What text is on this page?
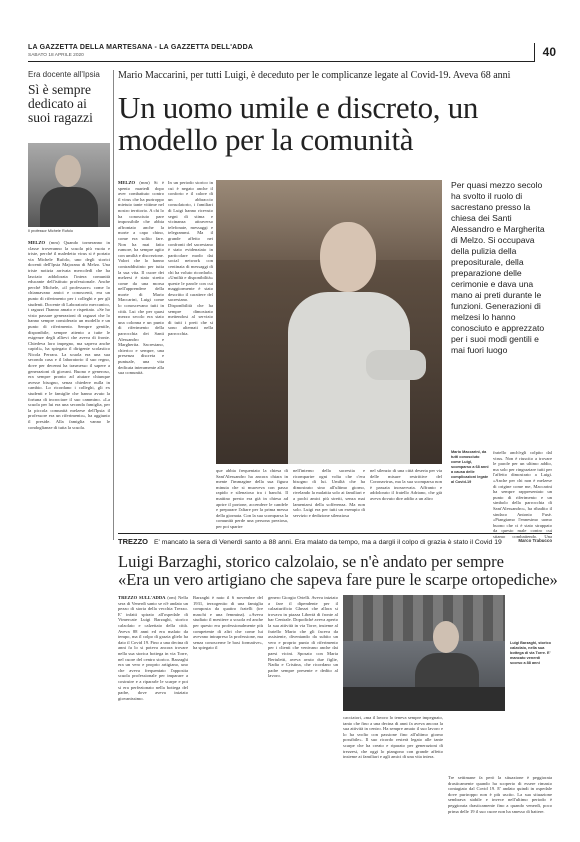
LA GAZZETTA DELLA MARTESANA - LA GAZZETTA DELL'ADDA
SABATO 18 APRILE 2020	40
Era docente all'Ipsia
Sì è sempre dedicato ai suoi ragazzi
Il professor Michele Rufolo
MELZO (mm) Quando torneranno in classe troveranno la scuola più vuota e triste, perché il maledetto virus si è portato via Michele Rufolo, uno degli storici docenti dell'Ipsia Majorana di Melzo. Una triste notizia arrivata mercoledì che ha lasciato addolorata l'intera comunità educante dell'istituto professionale. Anche perché Michele, «il professore» come lo chiamavano amici e conoscenti, era un punto di riferimento per i colleghi e per gli studenti. Docente di Laboratorio meccanico, i ragazzi l'hanno amato e rispettato. «Se ho visto passare generazioni di ragazzi che lo hanno sempre considerato un modello e un punto di riferimento. Sempre gentile, disponibile, sempre attento a tutte le esigenze degli allievi che aveva di fronte. Chiedeva loro impegno, ma sapeva anche capirli», ha spiegato il dirigente scolastico Nicola Ferrara. La scuola era una sua seconda casa e il laboratorio il suo regno, dove per decenni ha trasmesso il sapere a generazioni di giovani. Buono e generoso, era sempre pronto ad aiutare chiunque avesse bisogno, senza chiedere nulla in cambio. Lo ricordano i colleghi, gli ex studenti e le famiglie che hanno avuto la fortuna di incrociare il suo cammino. «La scuola per lui era una seconda famiglia, per la piccola comunità melzese dell'Ipsia il professore era un riferimento», ha aggiunto il preside. Alla famiglia vanno le condoglianze di tutta la scuola.
Mario Maccarini, per tutti Luigi, è deceduto per le complicanze legate al Covid-19. Aveva 68 anni
Un uomo umile e discreto, un modello per la comunità
Per quasi mezzo secolo ha svolto il ruolo di sacrestano presso la chiesa dei Santi Alessandro e Margherita di Melzo. Si occupava della pulizia della prepositurale, della preparazione delle cerimonie e dava una mano ai preti durante le funzioni. Generazioni di melzesi lo hanno conosciuto e apprezzato per i suoi modi gentili e mai fuori luogo
Mario Maccarini, da tutti conosciuto come Luigi, scomparso a 68 anni a causa delle complicazioni legate al Covid-19
fratello anch'egli colpito dal virus. Non è riuscito a trovare le parole per un ultimo addio, ma solo per ringraziare tutti per l'affetto dimostrato a Luigi. «Anche per chi non è melzese di origine come me, Maccarini ha sempre rappresentato un punto di riferimento e un simbolo della parrocchia di Sant'Alessandro», ha ribadito il sindaco Antonio Fusè. «Piangiamo l'ennesimo uomo buono che ci è stato strappato da questo male contro cui stiamo combattendo. Una
Marco Trabucco
MELZO (mm) Si è spento martedì dopo aver combattuto contro il virus che ha purtroppo mietuto tante vittime nel nostro territorio. A chi lo ha conosciuto pare impossibile che abbia affrontato anche la morte a capo chino, come era solito fare. Non ha mai fatto rumore, ha sempre agito con umiltà e discrezione. Valori che lo hanno contraddistinto per tutta la sua vita. Il cuore dei melzesi è stato stretto come da una morsa nell'apprendere della morte di Mario Maccarini, Luigi come lo conoscevano tutti in città. Lui che per quasi mezzo secolo era stato una colonna e un punto di riferimento della parrocchia dei Santi Alessandro e Margherita. Sacrestano, chierico e sempre, una presenza discreta e puntuale, una vita dedicata interamente alla sua comunità.
In un periodo storico in cui è negato anche il conforto e il calore di un abbraccio consolatorio, i familiari di Luigi hanno ricevuto segni di stima e vicinanza attraverso telefonate, messaggi e telegrammi. Ma il grande affetto nei confronti del sacrestano è stato evidenziato in particolare modo dai social network con centinaia di messaggi di chi ha voluto ricordarlo. «Umiltà e disponibilità» queste le parole con cui maggiormente è stato descritto il carattere del sacrestano. Disponibilità che ha sempre dimostrato mettendosi al servizio di tutti i preti che si sono alternati nella parrocchia.
que abbia frequentato la chiesa di Sant'Alessandro ha ancora chiara in mente l'immagine della sua figura minuta che si muoveva con passo rapido e silenzioso tra i banchi. Il mattino presto era già in chiesa ad aprire il portone, accendere le candele e preparare l'altare per la prima messa della giornata. Con la sua scomparsa la comunità perde una persona preziosa, per poi sparire
nell'interno della sacrestia e ricomparire ogni volta che c'era bisogno di lui. Umiltà che ha dimostrato sino all'ultimo giorno, rivelando la malattia solo ai familiari e a pochi amici più stretti, senza mai lamentarsi della sofferenza. Ma non solo. Luigi era per tutti un esempio di servizio e dedizione silenziosa
nel silenzio di una città deserta per via delle misure restrittive del Coronavirus, ma la sua scomparsa non è passata inosservata. Affranto e addolorato il fratello Adriano, che già aveva dovuto dire addio a un altro
TREZZO E' mancato la sera di Venerdì santo a 88 anni. Era malato da tempo, ma a dargli il colpo di grazia è stato il Covid 19
Luigi Barzaghi, storico calzolaio, se n'è andato per sempre
«Era un vero artigiano che sapeva fare pure le scarpe ortopediche»
TREZZO SULL'ADDA (om) Nella sera di Venerdì santo se n'è andato un pezzo di storia della vecchia Trezzo. E' infatti spirato all'ospedale di Vimercate Luigi Barzaghi, storico calzolaio e calzettaio della città. Aveva 88 anni ed era malato da tempo, ma il colpo di grazia glielo ha dato il Covid 19. Fino a una decina di anni fa lo si poteva ancora trovare nella sua storica bottega in via Torre, nel cuore del centro storico. Barzaghi era un vero e proprio artigiano, uno che aveva frequentato l'apposita scuola professionale per imparare a costruire e a ripararle le scarpe e poi si era perfezionato nella bottega del padre, dove aveva iniziato giovanissimo.
Barzaghi è nato il 6 novembre del 1931, terzogenito di una famiglia composta da quattro fratelli (tre maschi e una femmina). «Aveva studiato il mestiere a scuola ed anche per questo era professionalmente più competente di altri che come lui avevano intrapreso la professione, ma senza conoscerne le basi formative», ha spiegato il
genero Giorgio Ortelli. Aveva iniziato a fare il dipendente per il calzaturificio Ghezzi che allora si trovava in piazza Libertà di fronte al bar Centrale. Dopodiché aveva aperto la sua attività in via Torre, insieme al fratello Mario che gli faceva da assistente, diventando da subito un vero e proprio punto di riferimento per i clienti che venivano anche dai paesi vicini. Sposato con Maria Bertuletti, aveva avuto due figlie, Nadia e Cristina, che ricordano un padre sempre presente e dedito al lavoro.
cacciatori, «ma il lavoro lo teneva sempre impegnato, tanto che fino a una decina di anni fa aveva ancora la sua attività in centro. Ha sempre amato il suo lavoro e lo ha svolto con passione fino all'ultimo giorno possibile». Il suo ricordo resterà legato alle tante scarpe che ha creato e riparato per generazioni di trezzesi, che oggi lo piangono con grande affetto insieme ai familiari e agli amici di una vita intera.
Tre settimane fa però la situazione è peggiorata drasticamente quando ha scoperto di essere rimasto contagiato dal Covid 19. E' andato quindi in ospedale dove purtroppo non è più uscito. La sua situazione sembrava stabile e invece nell'ultimo periodo è peggiorata drasticamente fino a quando venerdì, poco prima delle 19 il suo cuore non ha smesso di battere.
Luigi Barzaghi, storico calzolaio, nella sua bottega di via Torre. E' mancato venerdì scorso a 88 anni
